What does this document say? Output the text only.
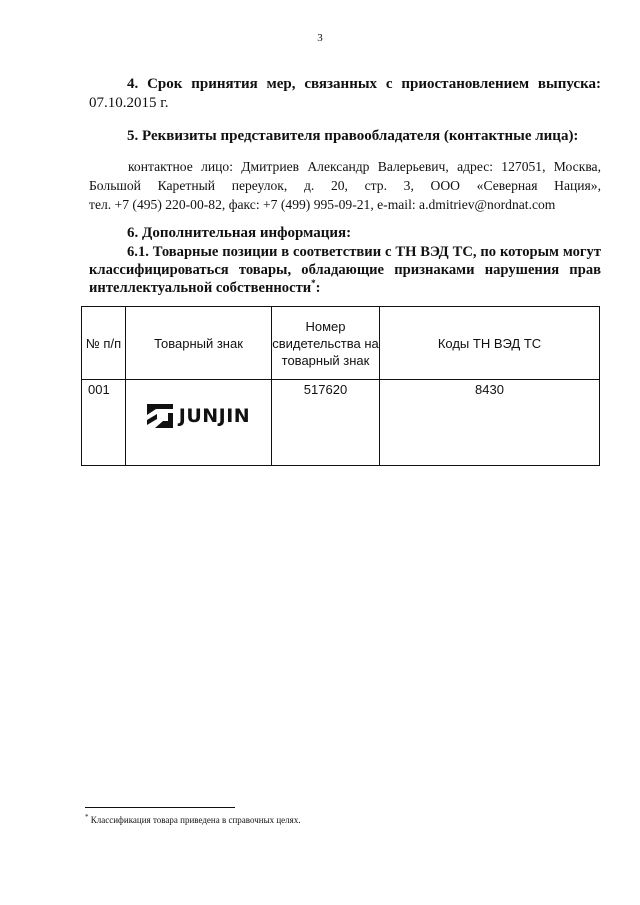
3
4. Срок принятия мер, связанных с приостановлением выпуска:
07.10.2015 г.
5. Реквизиты представителя правообладателя (контактные лица):
контактное лицо: Дмитриев Александр Валерьевич, адрес: 127051, Москва,
Большой Каретный переулок, д. 20, стр. 3, ООО «Северная Нация»,
тел. +7 (495) 220-00-82, факс: +7 (499) 995-09-21, e-mail: a.dmitriev@nordnat.com
6. Дополнительная информация:
6.1. Товарные позиции в соответствии с ТН ВЭД ТС, по которым могут
классифицироваться товары, обладающие признаками нарушения прав
интеллектуальной собственности*:
№ п/п	Товарный знак	Номер свидетельства на товарный знак	Коды ТН ВЭД ТС
001	JUNJIN	517620	8430
* Классификация товара приведена в справочных целях.
